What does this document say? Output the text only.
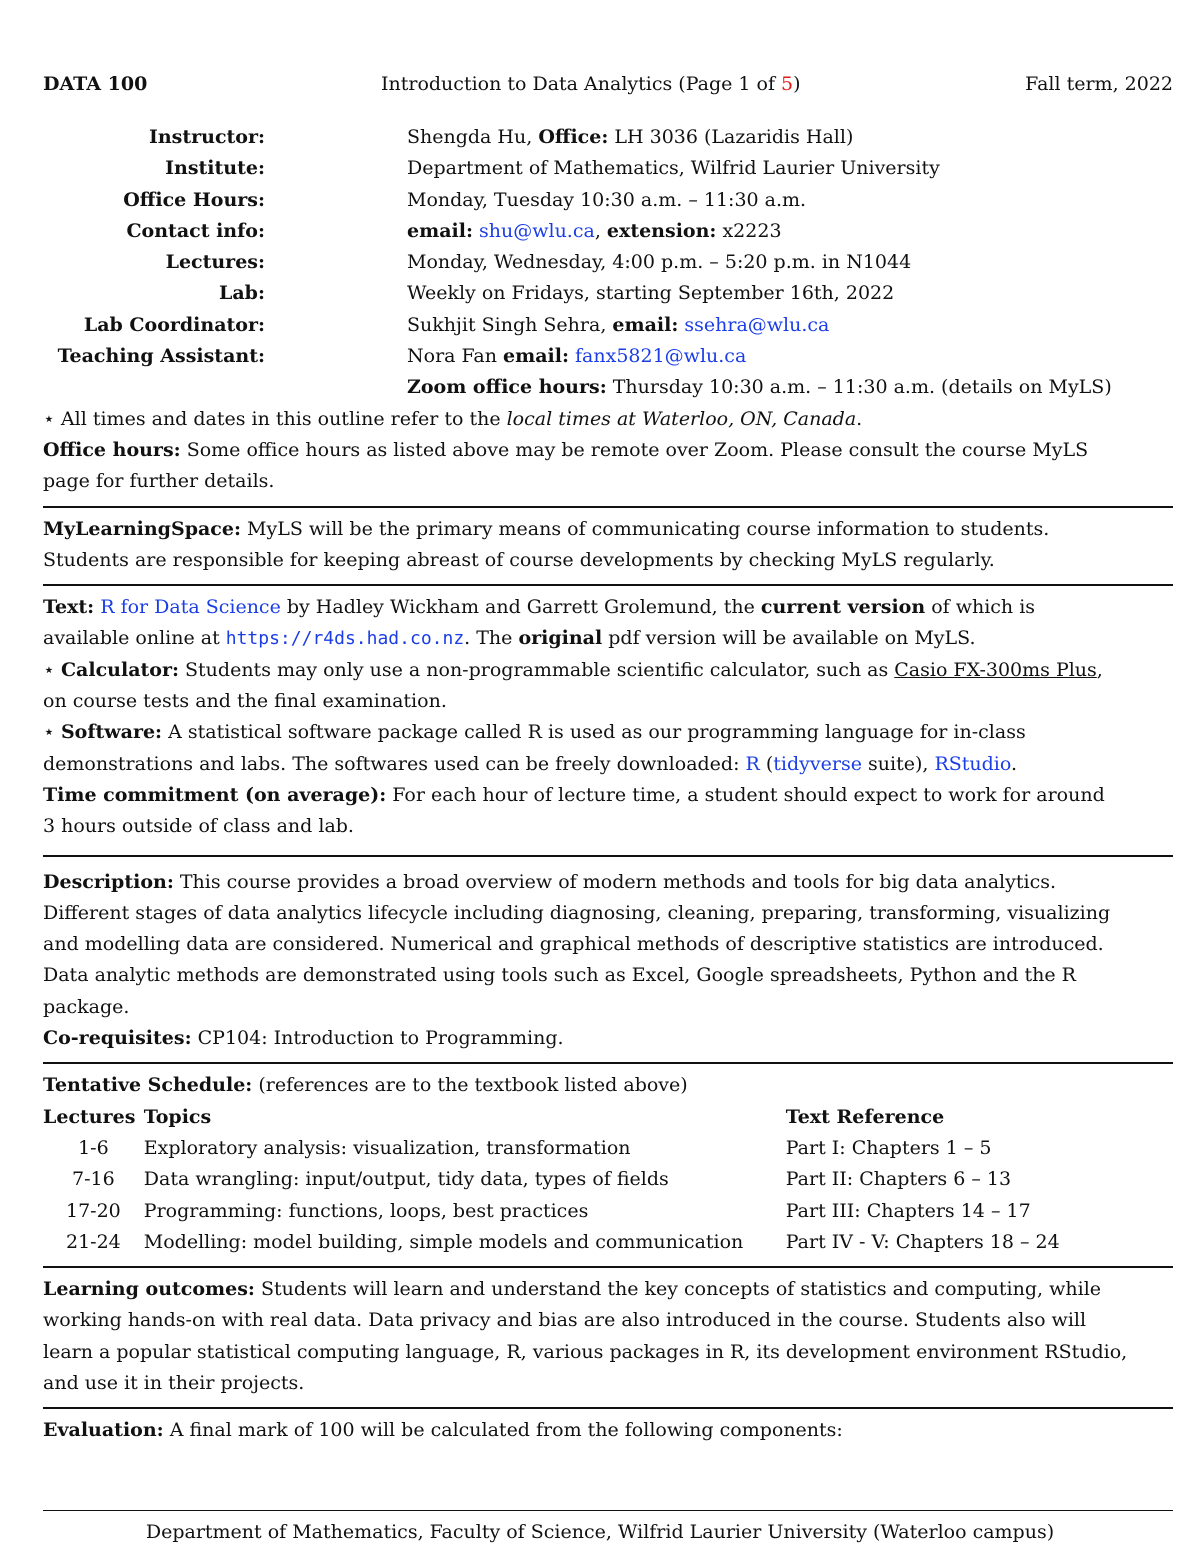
DATA 100	Introduction to Data Analytics (Page 1 of 5)	Fall term, 2022
Instructor:	Shengda Hu, Office: LH 3036 (Lazaridis Hall)
Institute:	Department of Mathematics, Wilfrid Laurier University
Office Hours:	Monday, Tuesday 10:30 a.m. – 11:30 a.m.
Contact info:	email: shu@wlu.ca, extension: x2223
Lectures:	Monday, Wednesday, 4:00 p.m. – 5:20 p.m. in N1044
Lab:	Weekly on Fridays, starting September 16th, 2022
Lab Coordinator:	Sukhjit Singh Sehra, email: ssehra@wlu.ca
Teaching Assistant:	Nora Fan email: fanx5821@wlu.ca
Zoom office hours: Thursday 10:30 a.m. – 11:30 a.m. (details on MyLS)
⋆ All times and dates in this outline refer to the local times at Waterloo, ON, Canada.
Office hours: Some office hours as listed above may be remote over Zoom. Please consult the course MyLS
page for further details.
MyLearningSpace: MyLS will be the primary means of communicating course information to students.
Students are responsible for keeping abreast of course developments by checking MyLS regularly.
Text: R for Data Science by Hadley Wickham and Garrett Grolemund, the current version of which is
available online at https://r4ds.had.co.nz. The original pdf version will be available on MyLS.
⋆ Calculator: Students may only use a non-programmable scientific calculator, such as Casio FX-300ms Plus,
on course tests and the final examination.
⋆ Software: A statistical software package called R is used as our programming language for in-class
demonstrations and labs. The softwares used can be freely downloaded: R (tidyverse suite), RStudio.
Time commitment (on average): For each hour of lecture time, a student should expect to work for around
3 hours outside of class and lab.
Description: This course provides a broad overview of modern methods and tools for big data analytics.
Different stages of data analytics lifecycle including diagnosing, cleaning, preparing, transforming, visualizing
and modelling data are considered. Numerical and graphical methods of descriptive statistics are introduced.
Data analytic methods are demonstrated using tools such as Excel, Google spreadsheets, Python and the R
package.
Co-requisites: CP104: Introduction to Programming.
Tentative Schedule: (references are to the textbook listed above)
Lectures	Topics	Text Reference
1-6	Exploratory analysis: visualization, transformation	Part I: Chapters 1 – 5
7-16	Data wrangling: input/output, tidy data, types of fields	Part II: Chapters 6 – 13
17-20	Programming: functions, loops, best practices	Part III: Chapters 14 – 17
21-24	Modelling: model building, simple models and communication	Part IV - V: Chapters 18 – 24
Learning outcomes: Students will learn and understand the key concepts of statistics and computing, while
working hands-on with real data. Data privacy and bias are also introduced in the course. Students also will
learn a popular statistical computing language, R, various packages in R, its development environment RStudio,
and use it in their projects.
Evaluation: A final mark of 100 will be calculated from the following components:
Department of Mathematics, Faculty of Science, Wilfrid Laurier University (Waterloo campus)
